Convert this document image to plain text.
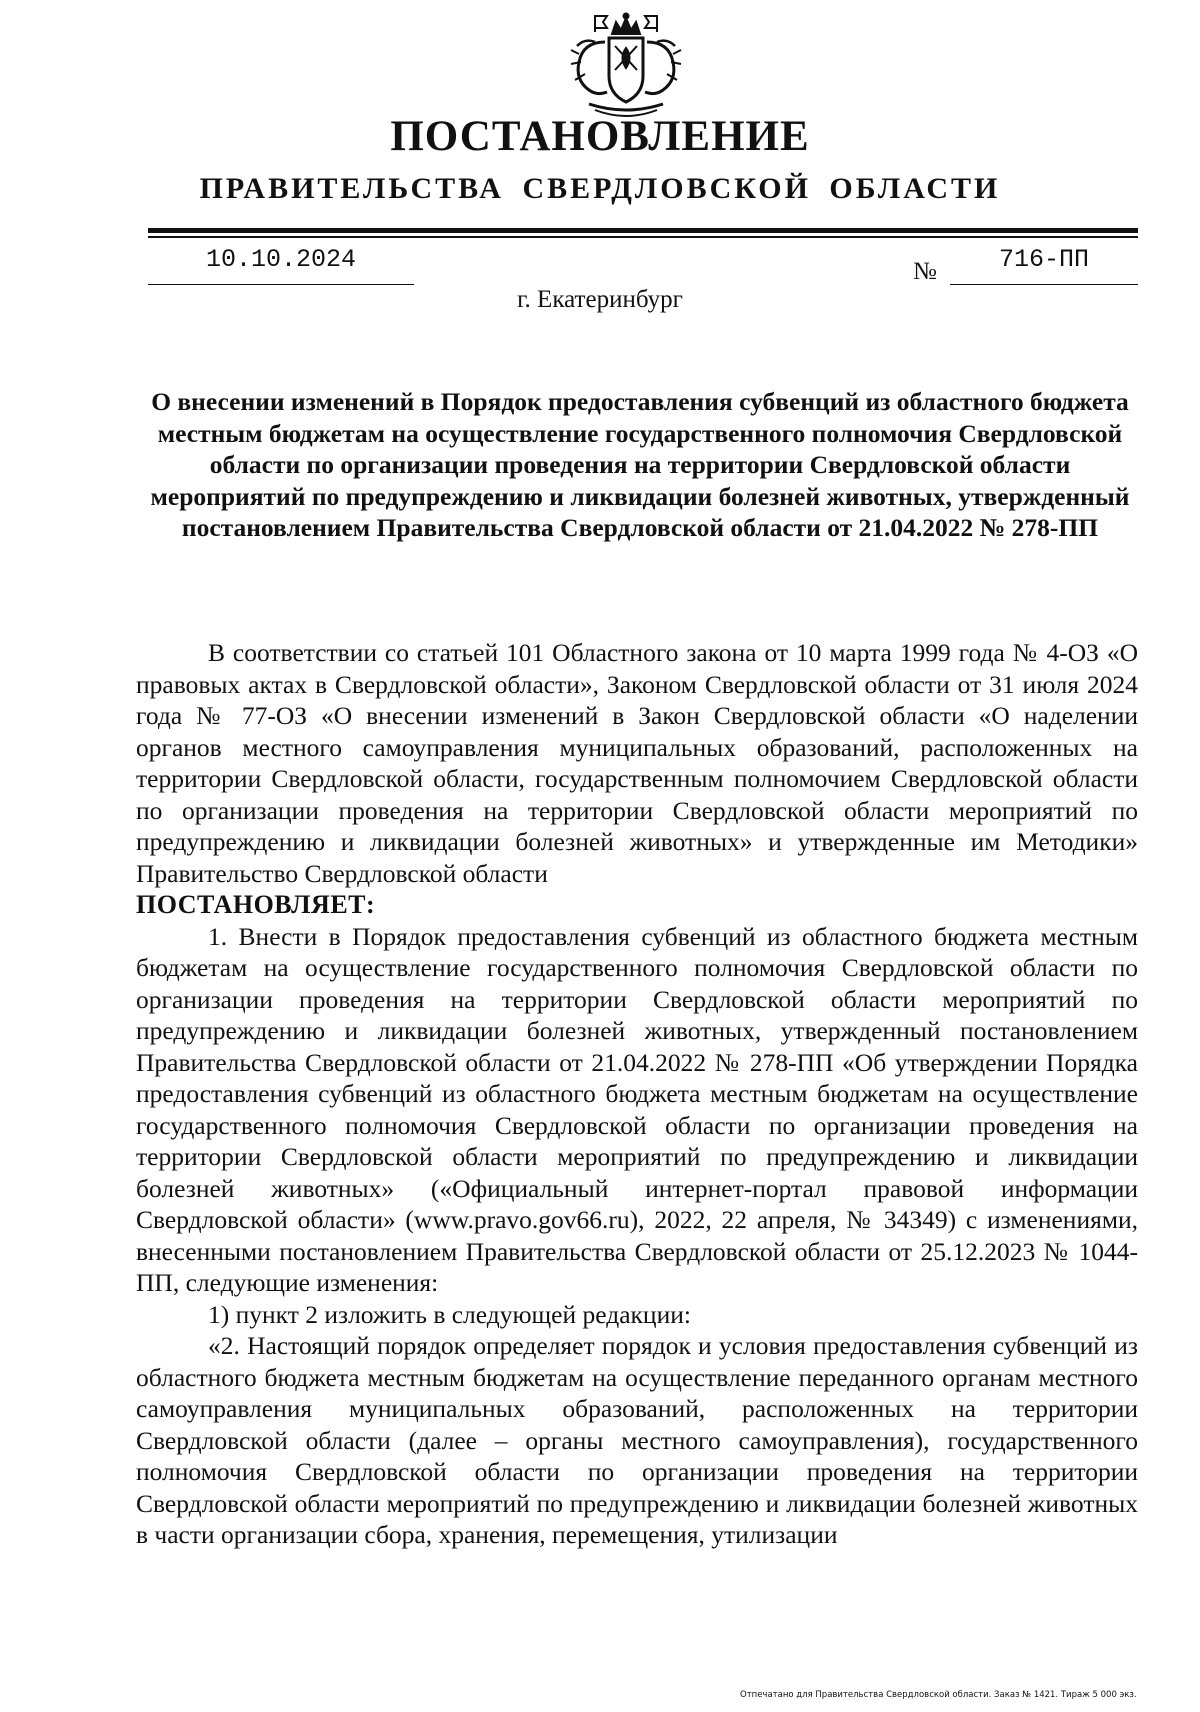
ПОСТАНОВЛЕНИЕ
ПРАВИТЕЛЬСТВА СВЕРДЛОВСКОЙ ОБЛАСТИ
10.10.2024	№	716-ПП
г. Екатеринбург
О внесении изменений в Порядок предоставления субвенций из областного бюджета местным бюджетам на осуществление государственного полномочия Свердловской области по организации проведения на территории Свердловской области мероприятий по предупреждению и ликвидации болезней животных, утвержденный постановлением Правительства Свердловской области от 21.04.2022 № 278-ПП

В соответствии со статьей 101 Областного закона от 10 марта 1999 года № 4-ОЗ «О правовых актах в Свердловской области», Законом Свердловской области от 31 июля 2024 года № 77-ОЗ «О внесении изменений в Закон Свердловской области «О наделении органов местного самоуправления муниципальных образований, расположенных на территории Свердловской области, государственным полномочием Свердловской области по организации проведения на территории Свердловской области мероприятий по предупреждению и ликвидации болезней животных» и утвержденные им Методики» Правительство Свердловской области

ПОСТАНОВЛЯЕТ:

1. Внести в Порядок предоставления субвенций из областного бюджета местным бюджетам на осуществление государственного полномочия Свердловской области по организации проведения на территории Свердловской области мероприятий по предупреждению и ликвидации болезней животных, утвержденный постановлением Правительства Свердловской области от 21.04.2022 № 278-ПП «Об утверждении Порядка предоставления субвенций из областного бюджета местным бюджетам на осуществление государственного полномочия Свердловской области по организации проведения на территории Свердловской области мероприятий по предупреждению и ликвидации болезней животных» («Официальный интернет-портал правовой информации Свердловской области» (www.pravo.gov66.ru), 2022, 22 апреля, № 34349) с изменениями, внесенными постановлением Правительства Свердловской области от 25.12.2023 № 1044-ПП, следующие изменения:

1) пункт 2 изложить в следующей редакции:

«2. Настоящий порядок определяет порядок и условия предоставления субвенций из областного бюджета местным бюджетам на осуществление переданного органам местного самоуправления муниципальных образований, расположенных на территории Свердловской области (далее – органы местного самоуправления), государственного полномочия Свердловской области по организации проведения на территории Свердловской области мероприятий по предупреждению и ликвидации болезней животных в части организации сбора, хранения, перемещения, утилизации

Отпечатано для Правительства Свердловской области. Заказ № 1421. Тираж 5 000 экз.
